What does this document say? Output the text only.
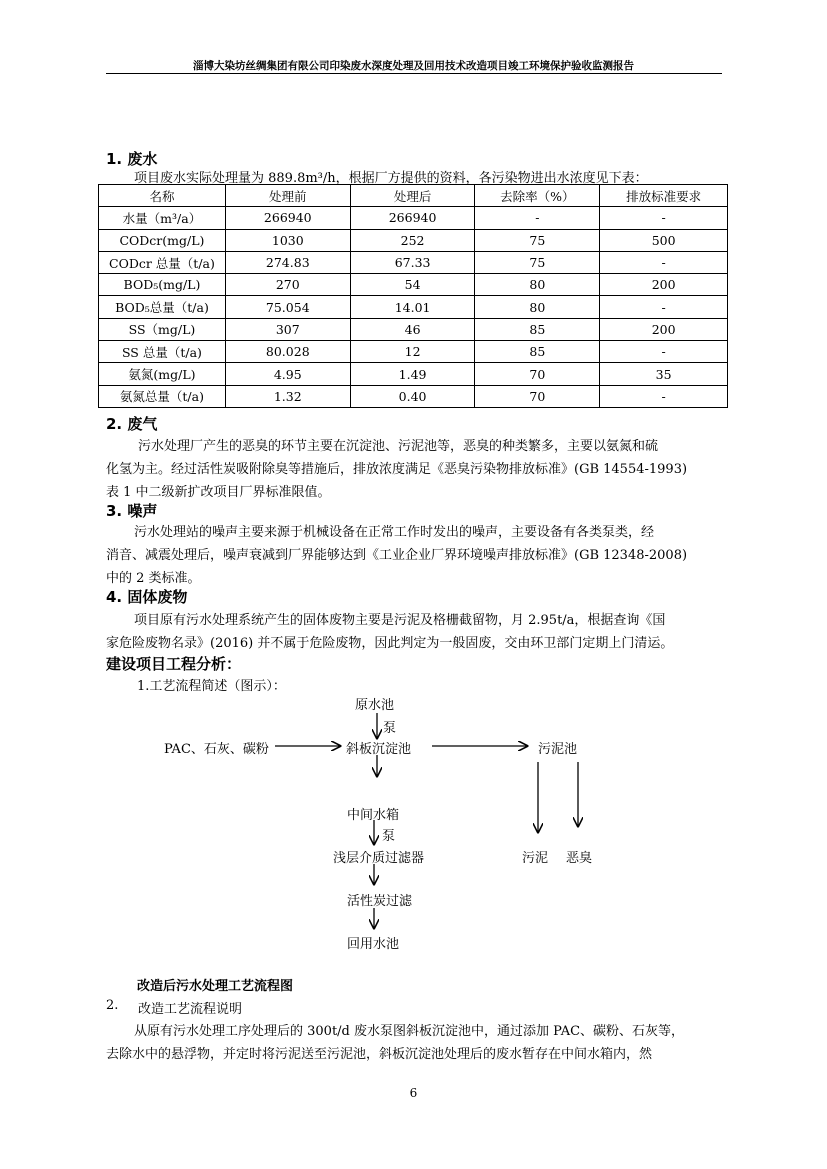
淄博大染坊丝绸集团有限公司印染废水深度处理及回用技术改造项目竣工环境保护验收监测报告
1. 废水
项目废水实际处理量为 889.8m³/h，根据厂方提供的资料，各污染物进出水浓度见下表：
名称	处理前	处理后	去除率（%）	排放标准要求
水量（m³/a）	266940	266940	-	-
CODcr(mg/L)	1030	252	75	500
CODcr 总量（t/a)	274.83	67.33	75	-
BOD₅(mg/L)	270	54	80	200
BOD₅总量（t/a)	75.054	14.01	80	-
SS（mg/L)	307	46	85	200
SS 总量（t/a)	80.028	12	85	-
氨氮(mg/L)	4.95	1.49	70	35
氨氮总量（t/a)	1.32	0.40	70	-
2. 废气
污水处理厂产生的恶臭的环节主要在沉淀池、污泥池等，恶臭的种类繁多，主要以氨氮和硫
化氢为主。经过活性炭吸附除臭等措施后，排放浓度满足《恶臭污染物排放标准》(GB 14554-1993)
表 1 中二级新扩改项目厂界标准限值。
3. 噪声
污水处理站的噪声主要来源于机械设备在正常工作时发出的噪声，主要设备有各类泵类，经
消音、减震处理后，噪声衰减到厂界能够达到《工业企业厂界环境噪声排放标准》(GB 12348-2008)
中的 2 类标准。
4. 固体废物
项目原有污水处理系统产生的固体废物主要是污泥及格栅截留物，月 2.95t/a，根据查询《国
家危险废物名录》(2016) 并不属于危险废物，因此判定为一般固废，交由环卫部门定期上门清运。
建设项目工程分析：
1.工艺流程简述（图示）：
原水池
泵
PAC、石灰、碳粉	斜板沉淀池	污泥池
中间水箱
泵
浅层介质过滤器	污泥 恶臭
活性炭过滤
回用水池
改造后污水处理工艺流程图
2. 改造工艺流程说明
从原有污水处理工序处理后的 300t/d 废水泵图斜板沉淀池中，通过添加 PAC、碳粉、石灰等，
去除水中的悬浮物，并定时将污泥送至污泥池，斜板沉淀池处理后的废水暂存在中间水箱内，然
6
